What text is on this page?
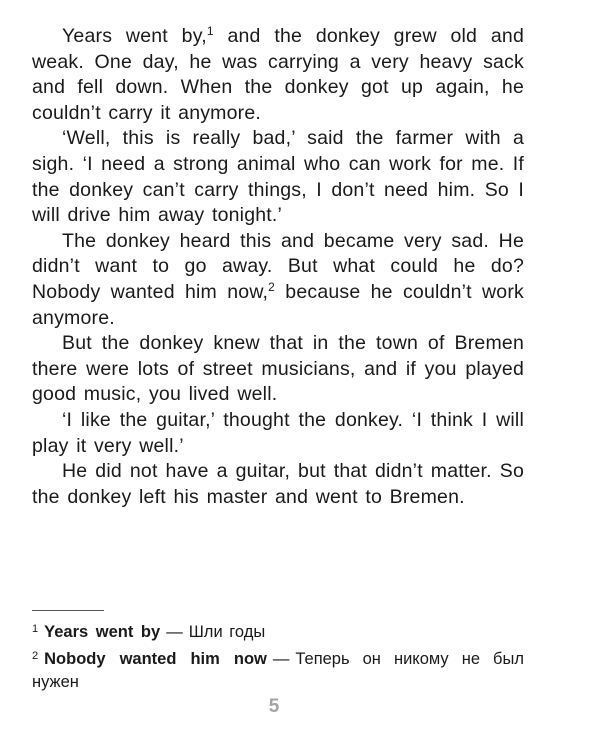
Years went by,$^1$ and the donkey grew old and weak. One day, he was carrying a very heavy sack and fell down. When the donkey got up again, he couldn’t carry it anymore.

‘Well, this is really bad,’ said the farmer with a sigh. ‘I need a strong animal who can work for me. If the donkey can’t carry things, I don’t need him. So I will drive him away tonight.’

The donkey heard this and became very sad. He didn’t want to go away. But what could he do? Nobody wanted him now,$^2$ because he couldn’t work anymore.

But the donkey knew that in the town of Bremen there were lots of street musicians, and if you played good music, you lived well.

‘I like the guitar,’ thought the donkey. ‘I think I will play it very well.’

He did not have a guitar, but that didn’t matter. So the donkey left his master and went to Bremen.

$^1$ Years went by — Шли годы

$^2$ Nobody wanted him now — Теперь он никому не был нужен

5
